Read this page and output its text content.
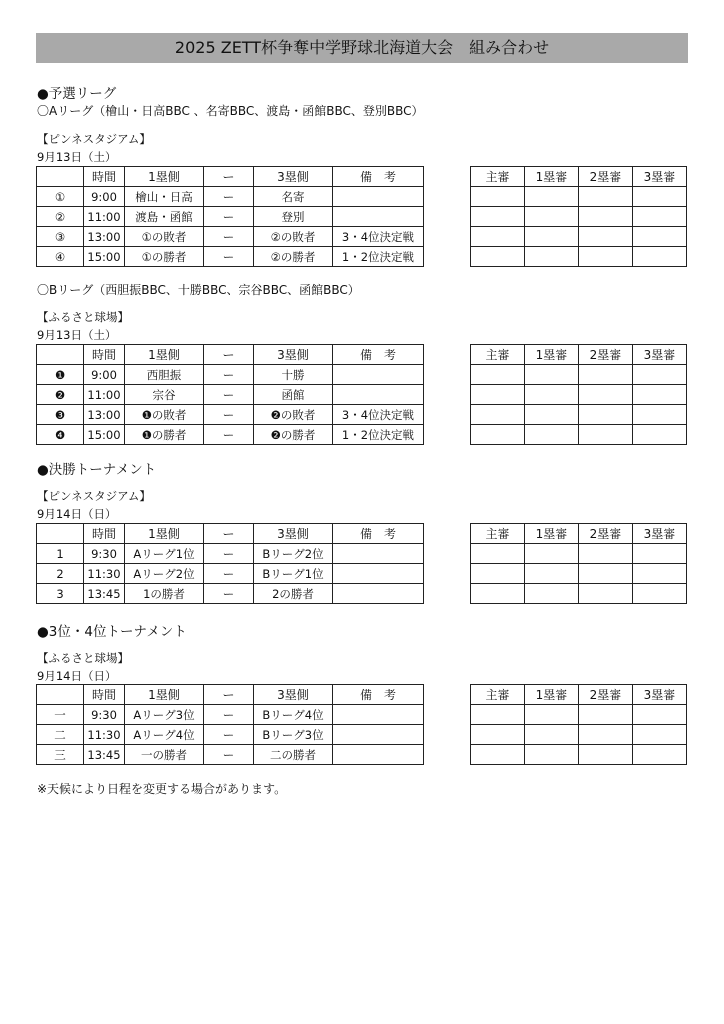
2025 ZETT杯争奪中学野球北海道大会　組み合わせ
●予選リーグ
〇Aリーグ（檜山・日高BBC 、名寄BBC、渡島・函館BBC、登別BBC）
【ピンネスタジアム】
9月13日（土）
	時間	1塁側	ー	3塁側	備　考
①	9:00	檜山・日高	ー	名寄	
②	11:00	渡島・函館	ー	登別	
③	13:00	①の敗者	ー	②の敗者	3・4位決定戦
④	15:00	①の勝者	ー	②の勝者	1・2位決定戦
主審	1塁審	2塁審	3塁審

〇Bリーグ（西胆振BBC、十勝BBC、宗谷BBC、函館BBC）
【ふるさと球場】
9月13日（土）
	時間	1塁側	ー	3塁側	備　考
❶	9:00	西胆振	ー	十勝	
❷	11:00	宗谷	ー	函館	
❸	13:00	❶の敗者	ー	❷の敗者	3・4位決定戦
❹	15:00	❶の勝者	ー	❷の勝者	1・2位決定戦
主審	1塁審	2塁審	3塁審

●決勝トーナメント
【ピンネスタジアム】
9月14日（日）
	時間	1塁側	ー	3塁側	備　考
1	9:30	Aリーグ1位	ー	Bリーグ2位	
2	11:30	Aリーグ2位	ー	Bリーグ1位	
3	13:45	1の勝者	ー	2の勝者	
主審	1塁審	2塁審	3塁審

●3位・4位トーナメント
【ふるさと球場】
9月14日（日）
	時間	1塁側	ー	3塁側	備　考
一	9:30	Aリーグ3位	ー	Bリーグ4位	
二	11:30	Aリーグ4位	ー	Bリーグ3位	
三	13:45	一の勝者	ー	二の勝者	
主審	1塁審	2塁審	3塁審

※天候により日程を変更する場合があります。
